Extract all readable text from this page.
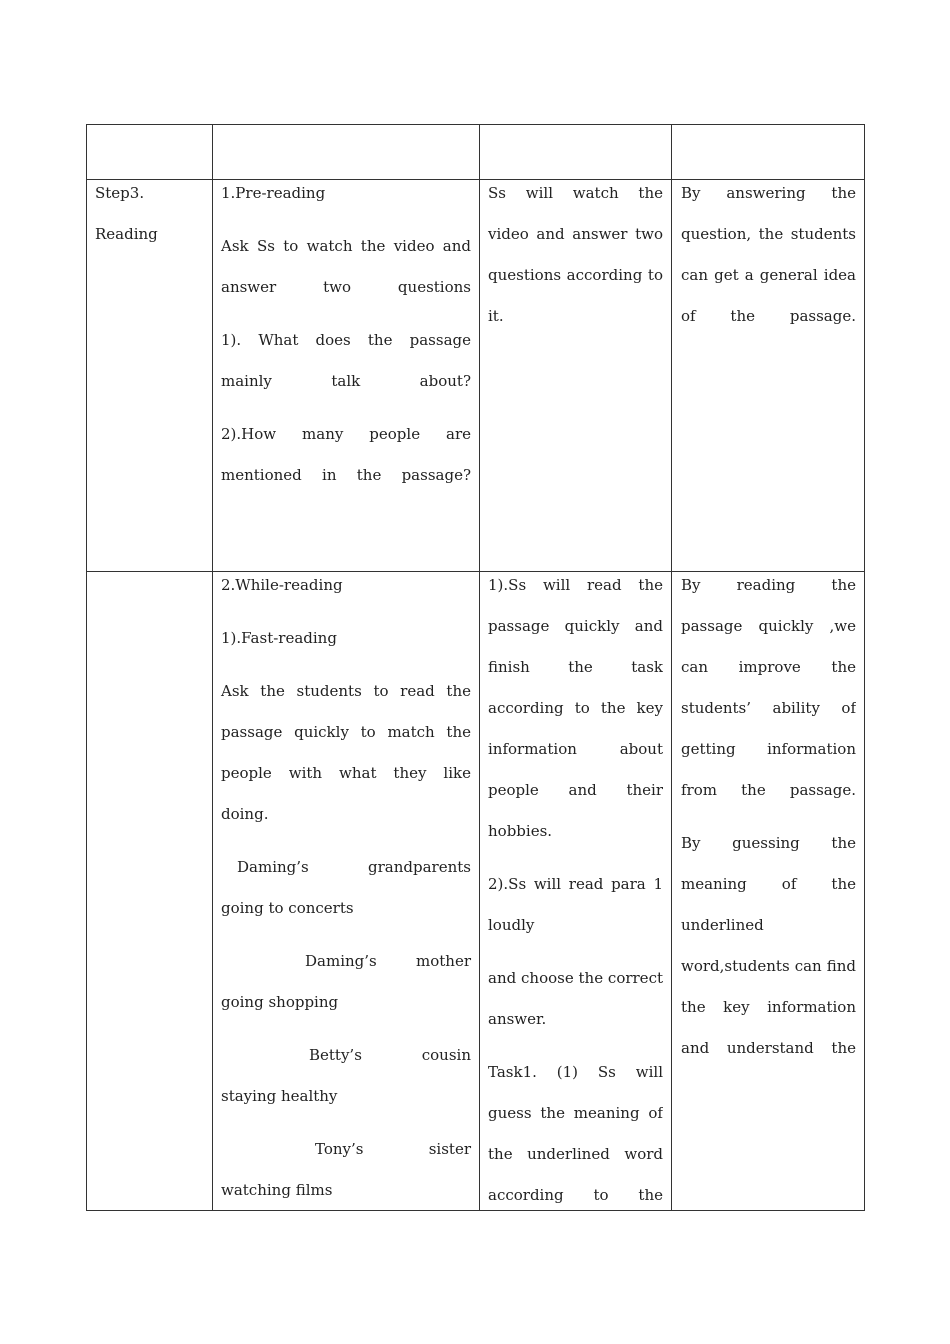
Step3.
Reading

1.Pre-reading

Ask Ss to watch the video and answer two questions

1). What does the passage mainly talk about?

2).How many people are mentioned in the passage?

Ss will watch the video and answer two questions according to it.

By answering the question, the students can get a general idea of the passage.

2.While-reading

1).Fast-reading

Ask the students to read the passage quickly to match the people with what they like doing.

Daming’s grandparents
going to concerts

Daming’s mother
going shopping

Betty’s cousin
staying healthy

Tony’s sister
watching films

1).Ss will read the passage quickly and finish the task according to the key information about people and their hobbies.

2).Ss will read para 1 loudly

and choose the correct answer.

Task1. (1) Ss will guess the meaning of the underlined word according to the

By reading the passage quickly ,we can improve the students’ ability of getting information from the passage.

By guessing the meaning of the underlined word,students can find the key information and understand the
